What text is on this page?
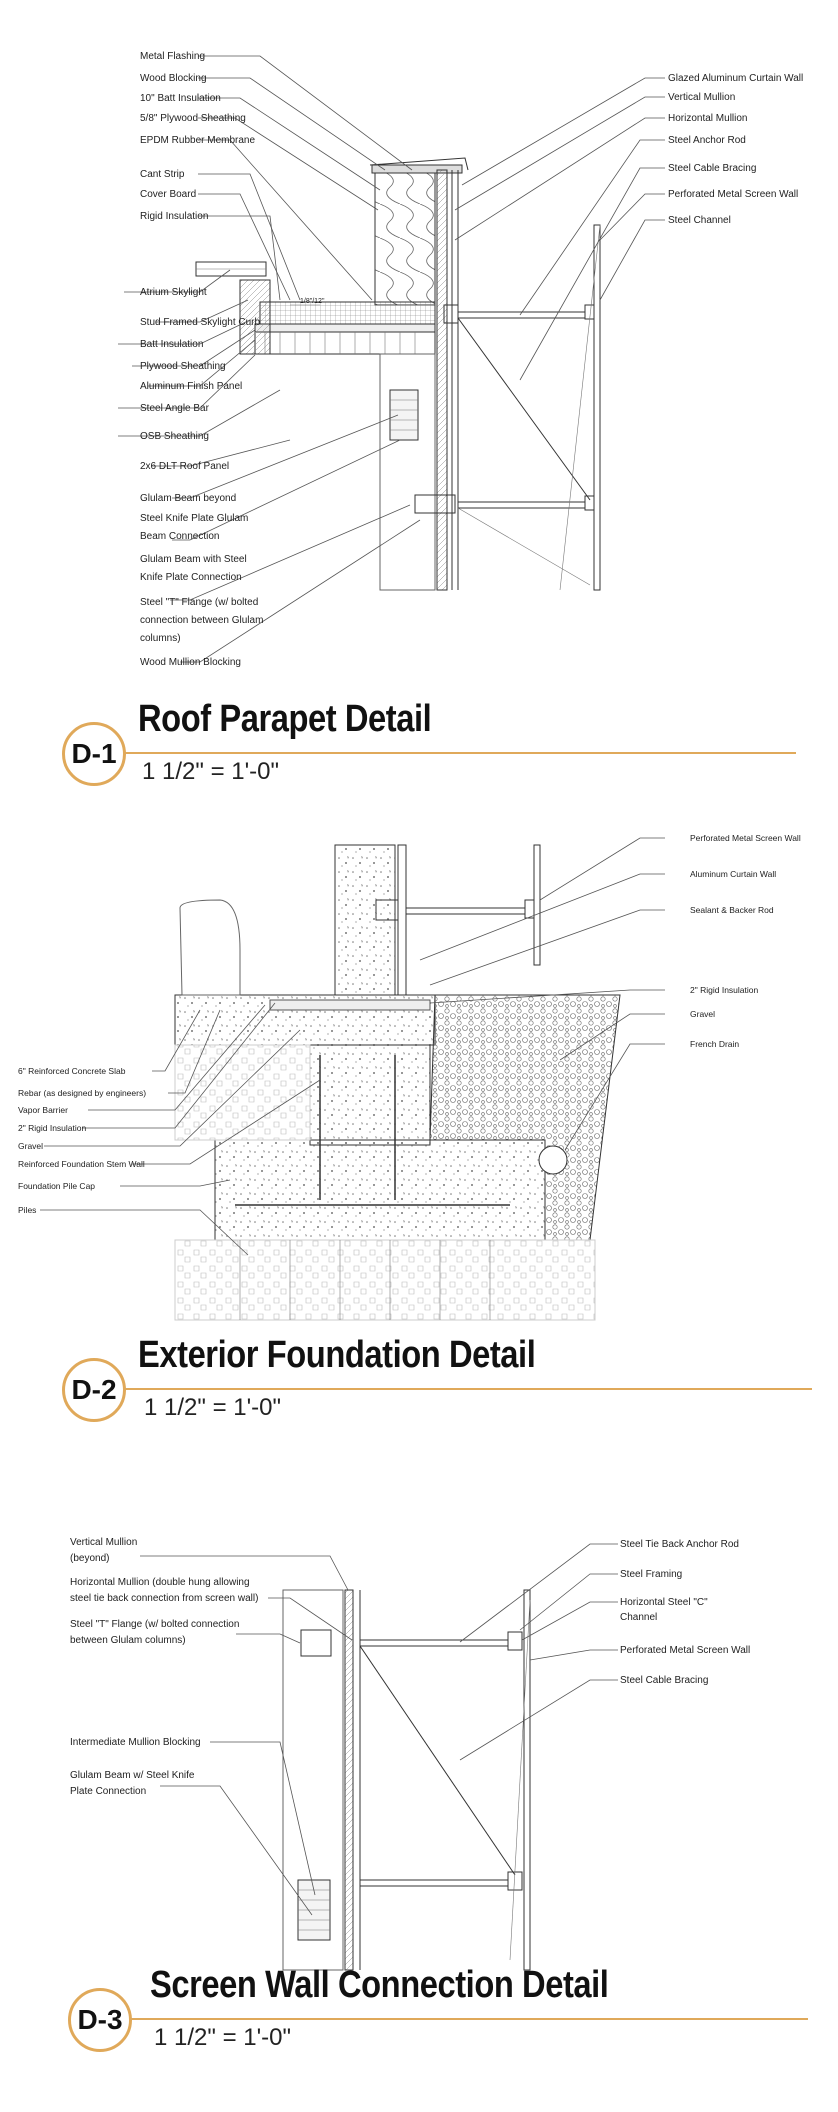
Metal Flashing
Wood Blocking
10" Batt Insulation
5/8" Plywood Sheathing
EPDM Rubber Membrane
Cant Strip
Cover Board
Rigid Insulation
Atrium Skylight
Stud Framed Skylight Curb
Batt Insulation
Plywood Sheathing
Aluminum Finish Panel
Steel Angle Bar
OSB Sheathing
2x6 DLT Roof Panel
Glulam Beam beyond
Steel Knife Plate Glulam
Beam Connection
Glulam Beam with Steel
Knife Plate Connection
Steel "T" Flange (w/ bolted
connection between Glulam
columns)
Wood Mullion Blocking
Glazed Aluminum Curtain Wall
Vertical Mullion
Horizontal Mullion
Steel Anchor Rod
Steel Cable Bracing
Perforated Metal Screen Wall
Steel Channel
6" Reinforced Concrete Slab
Rebar (as designed by engineers)
Vapor Barrier
2" Rigid Insulation
Gravel
Reinforced Foundation Stem Wall
Foundation Pile Cap
Piles
Perforated Metal Screen Wall
Aluminum Curtain Wall
Sealant & Backer Rod
2" Rigid Insulation
Gravel
French Drain
Vertical Mullion
(beyond)
Horizontal Mullion (double hung allowing
steel tie back connection from screen wall)
Steel "T" Flange (w/ bolted connection
between Glulam columns)
Intermediate Mullion Blocking
Glulam Beam w/ Steel Knife
Plate Connection
Steel Tie Back Anchor Rod
Steel Framing
Horizontal Steel "C"
Channel
Perforated Metal Screen Wall
Steel Cable Bracing
1/8"/12"
D-1
Roof Parapet Detail
1 1/2" = 1'-0"
D-2
Exterior Foundation Detail
1 1/2" = 1'-0"
D-3
Screen Wall Connection Detail
1 1/2" = 1'-0"
